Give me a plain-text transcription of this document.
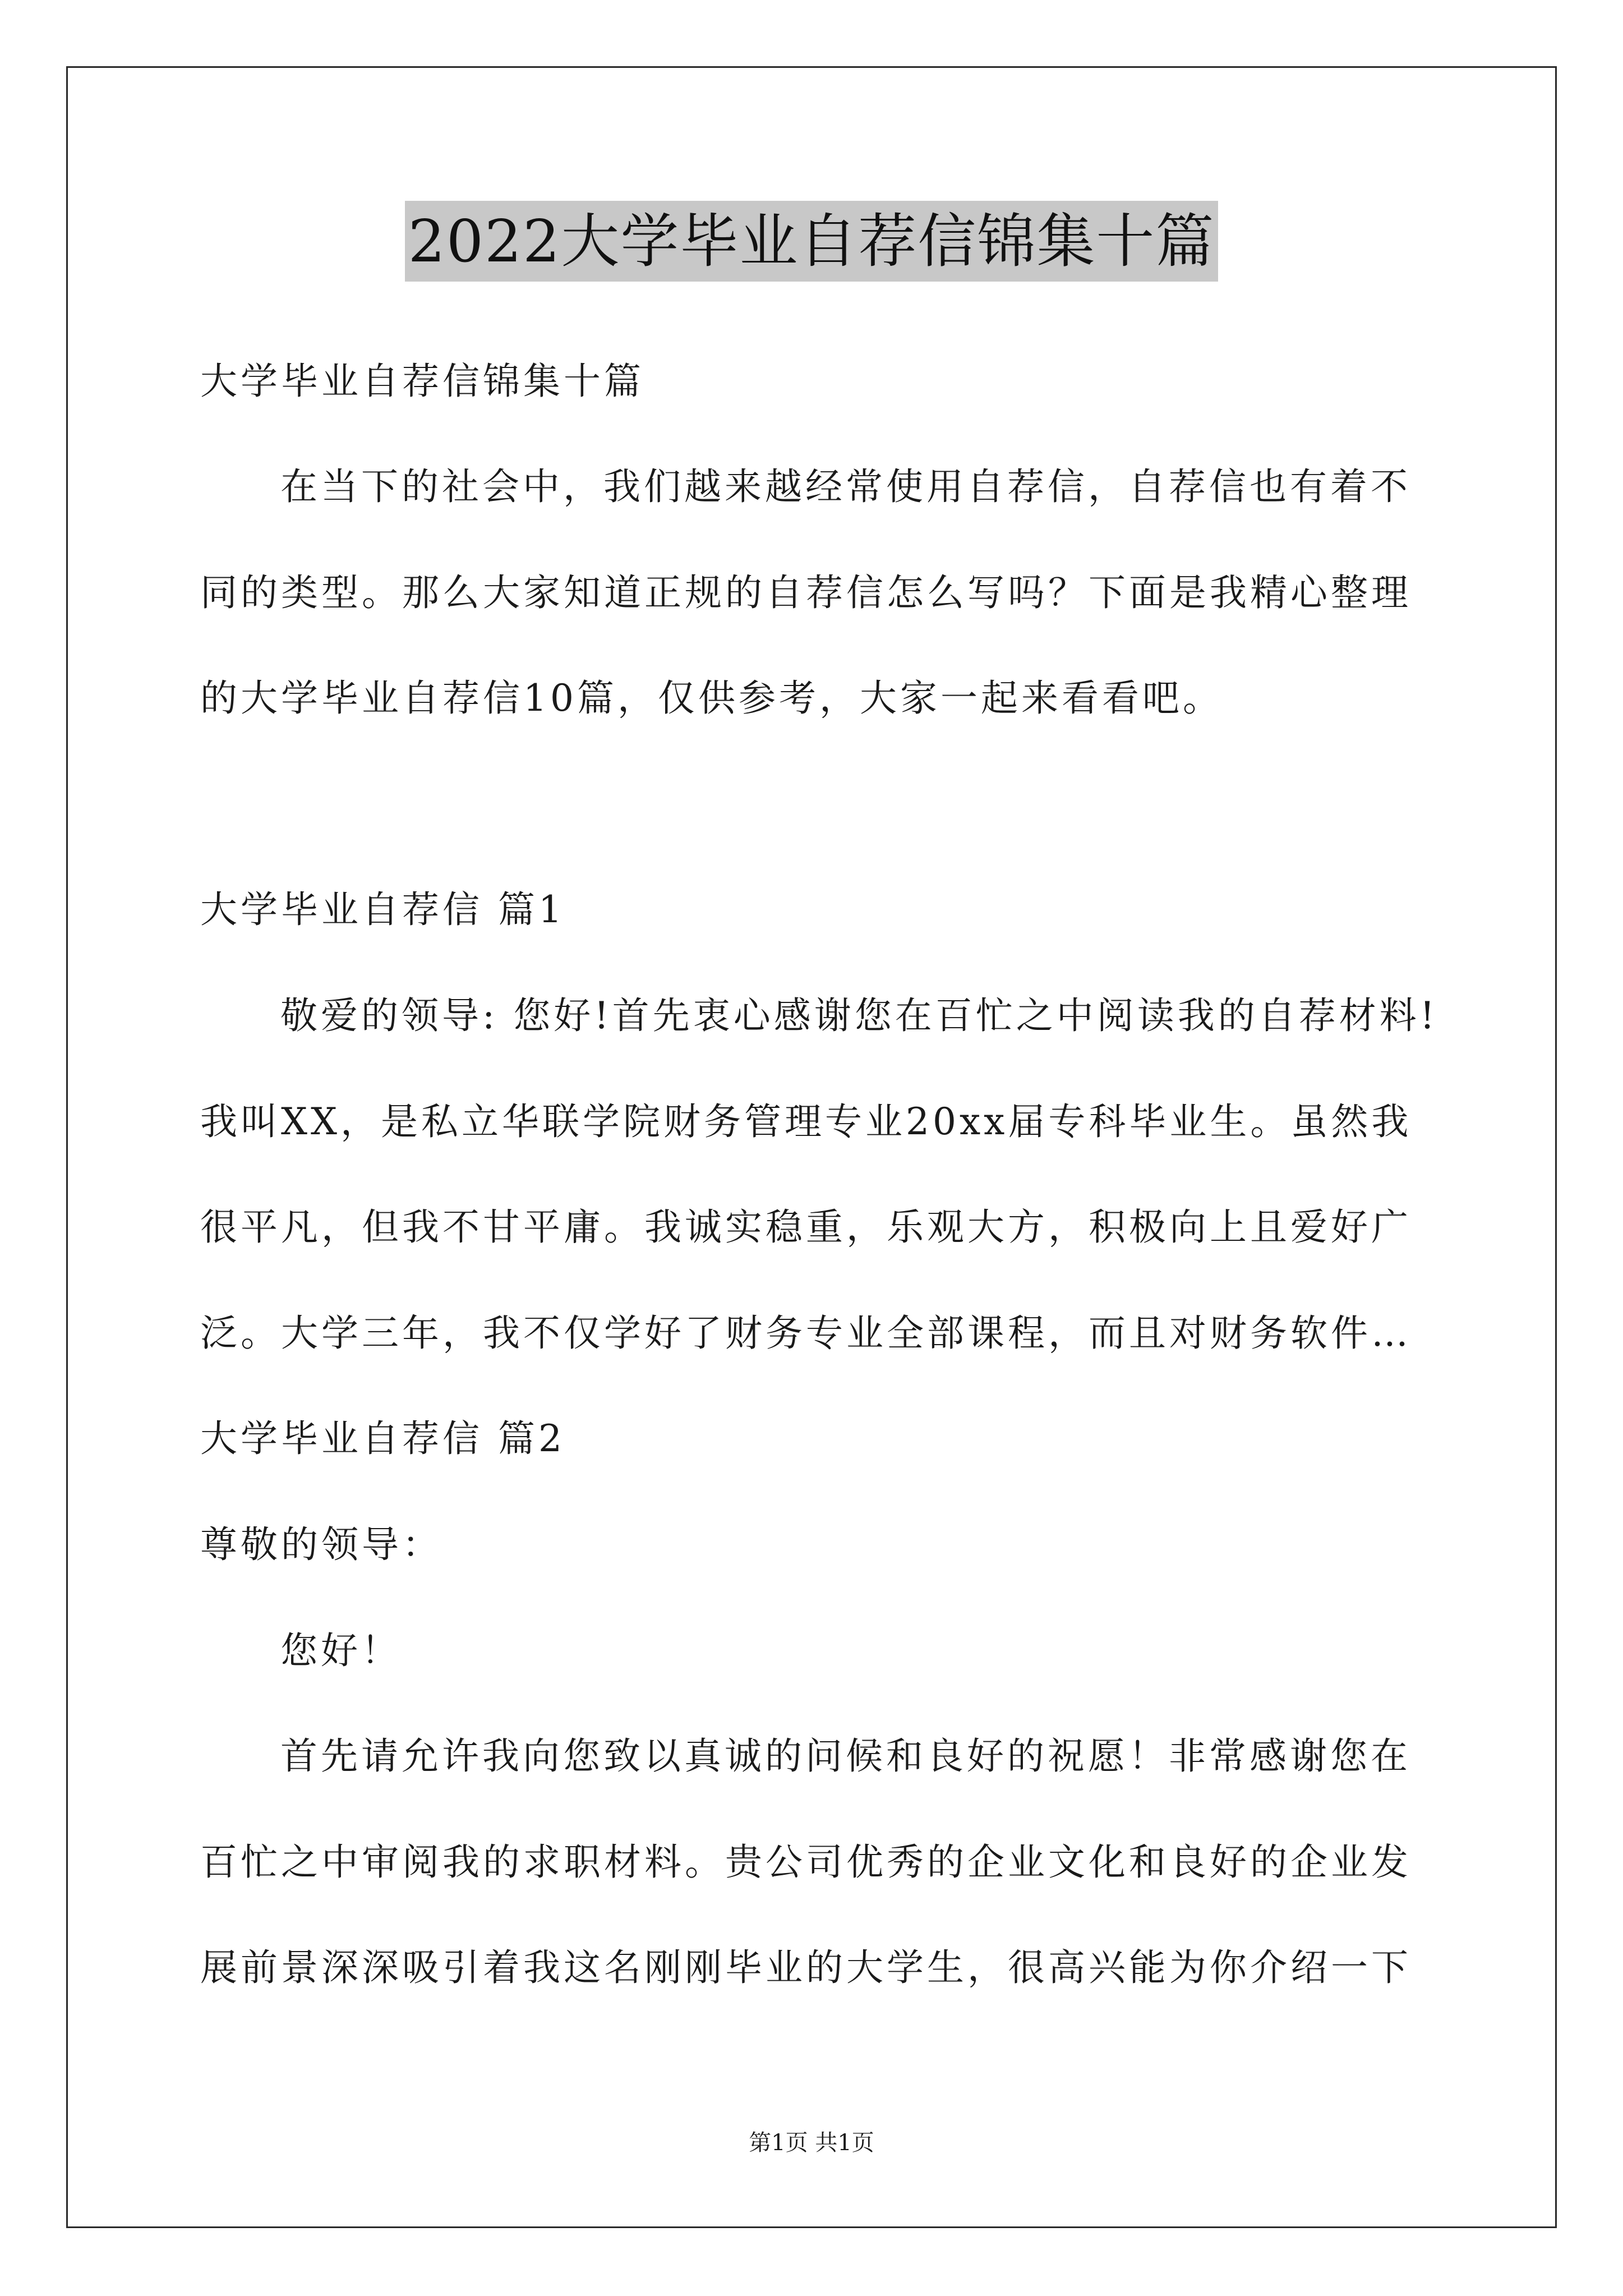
2022大学毕业自荐信锦集十篇
大学毕业自荐信锦集十篇
在当下的社会中，我们越来越经常使用自荐信，自荐信也有着不
同的类型。那么大家知道正规的自荐信怎么写吗？下面是我精心整理
的大学毕业自荐信10篇，仅供参考，大家一起来看看吧。
大学毕业自荐信 篇1
敬爱的领导: 您好!首先衷心感谢您在百忙之中阅读我的自荐材料!
我叫XX，是私立华联学院财务管理专业20xx届专科毕业生。虽然我
很平凡，但我不甘平庸。我诚实稳重，乐观大方，积极向上且爱好广
泛。大学三年，我不仅学好了财务专业全部课程，而且对财务软件…
大学毕业自荐信 篇2
尊敬的领导：
您好！
首先请允许我向您致以真诚的问候和良好的祝愿！非常感谢您在
百忙之中审阅我的求职材料。贵公司优秀的企业文化和良好的企业发
展前景深深吸引着我这名刚刚毕业的大学生，很高兴能为你介绍一下
第1页 共1页
